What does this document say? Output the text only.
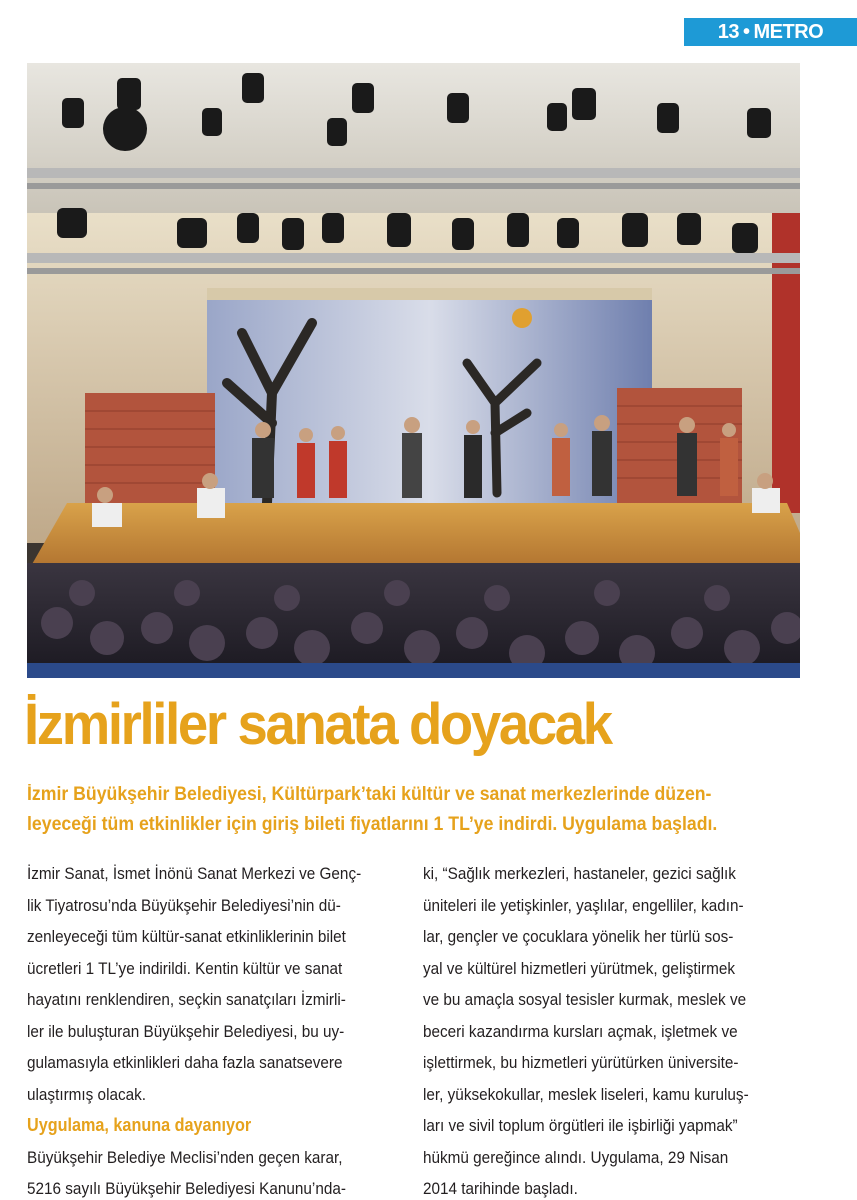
13 • METRO
İzmirliler sanata doyacak
İzmir Büyükşehir Belediyesi, Kültürpark’taki kültür ve sanat merkezlerinde düzen-
leyeceği tüm etkinlikler için giriş bileti fiyatlarını 1 TL’ye indirdi. Uygulama başladı.
İzmir Sanat, İsmet İnönü Sanat Merkezi ve Genç-
lik Tiyatrosu’nda Büyükşehir Belediyesi’nin dü-
zenleyeceği tüm kültür-sanat etkinliklerinin bilet
ücretleri 1 TL’ye indirildi. Kentin kültür ve sanat
hayatını renklendiren, seçkin sanatçıları İzmirli-
ler ile buluşturan Büyükşehir Belediyesi, bu uy-
gulamasıyla etkinlikleri daha fazla sanatsevere
ulaştırmış olacak.
Uygulama, kanuna dayanıyor
Büyükşehir Belediye Meclisi’nden geçen karar,
5216 sayılı Büyükşehir Belediyesi Kanunu’nda-
ki, “Sağlık merkezleri, hastaneler, gezici sağlık
üniteleri ile yetişkinler, yaşlılar, engelliler, kadın-
lar, gençler ve çocuklara yönelik her türlü sos-
yal ve kültürel hizmetleri yürütmek, geliştirmek
ve bu amaçla sosyal tesisler kurmak, meslek ve
beceri kazandırma kursları açmak, işletmek ve
işlettirmek, bu hizmetleri yürütürken üniversite-
ler, yüksekokullar, meslek liseleri, kamu kuruluş-
ları ve sivil toplum örgütleri ile işbirliği yapmak”
hükmü gereğince alındı. Uygulama, 29 Nisan
2014 tarihinde başladı.
